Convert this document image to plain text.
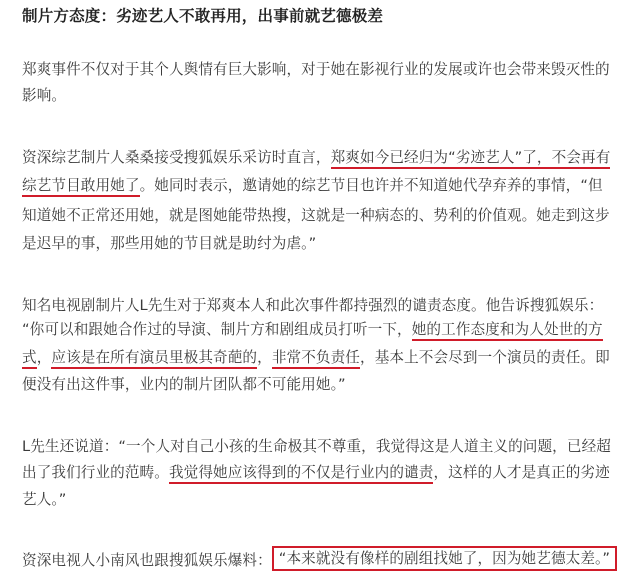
制片方态度：劣迹艺人不敢再用，出事前就艺德极差
郑爽事件不仅对于其个人舆情有巨大影响，对于她在影视行业的发展或许也会带来毁灭性的
影响。
资深综艺制片人桑桑接受搜狐娱乐采访时直言，郑爽如今已经归为“劣迹艺人”了，不会再有
综艺节目敢用她了。她同时表示，邀请她的综艺节目也许并不知道她代孕弃养的事情，“但
知道她不正常还用她，就是图她能带热搜，这就是一种病态的、势利的价值观。她走到这步
是迟早的事，那些用她的节目就是助纣为虐。”
知名电视剧制片人L先生对于郑爽本人和此次事件都持强烈的谴责态度。他告诉搜狐娱乐：
“你可以和跟她合作过的导演、制片方和剧组成员打听一下，她的工作态度和为人处世的方
式，应该是在所有演员里极其奇葩的，非常不负责任，基本上不会尽到一个演员的责任。即
便没有出这件事，业内的制片团队都不可能用她。”
L先生还说道：“一个人对自己小孩的生命极其不尊重，我觉得这是人道主义的问题，已经超
出了我们行业的范畴。我觉得她应该得到的不仅是行业内的谴责，这样的人才是真正的劣迹
艺人。”
资深电视人小南风也跟搜狐娱乐爆料： “本来就没有像样的剧组找她了，因为她艺德太差。”
